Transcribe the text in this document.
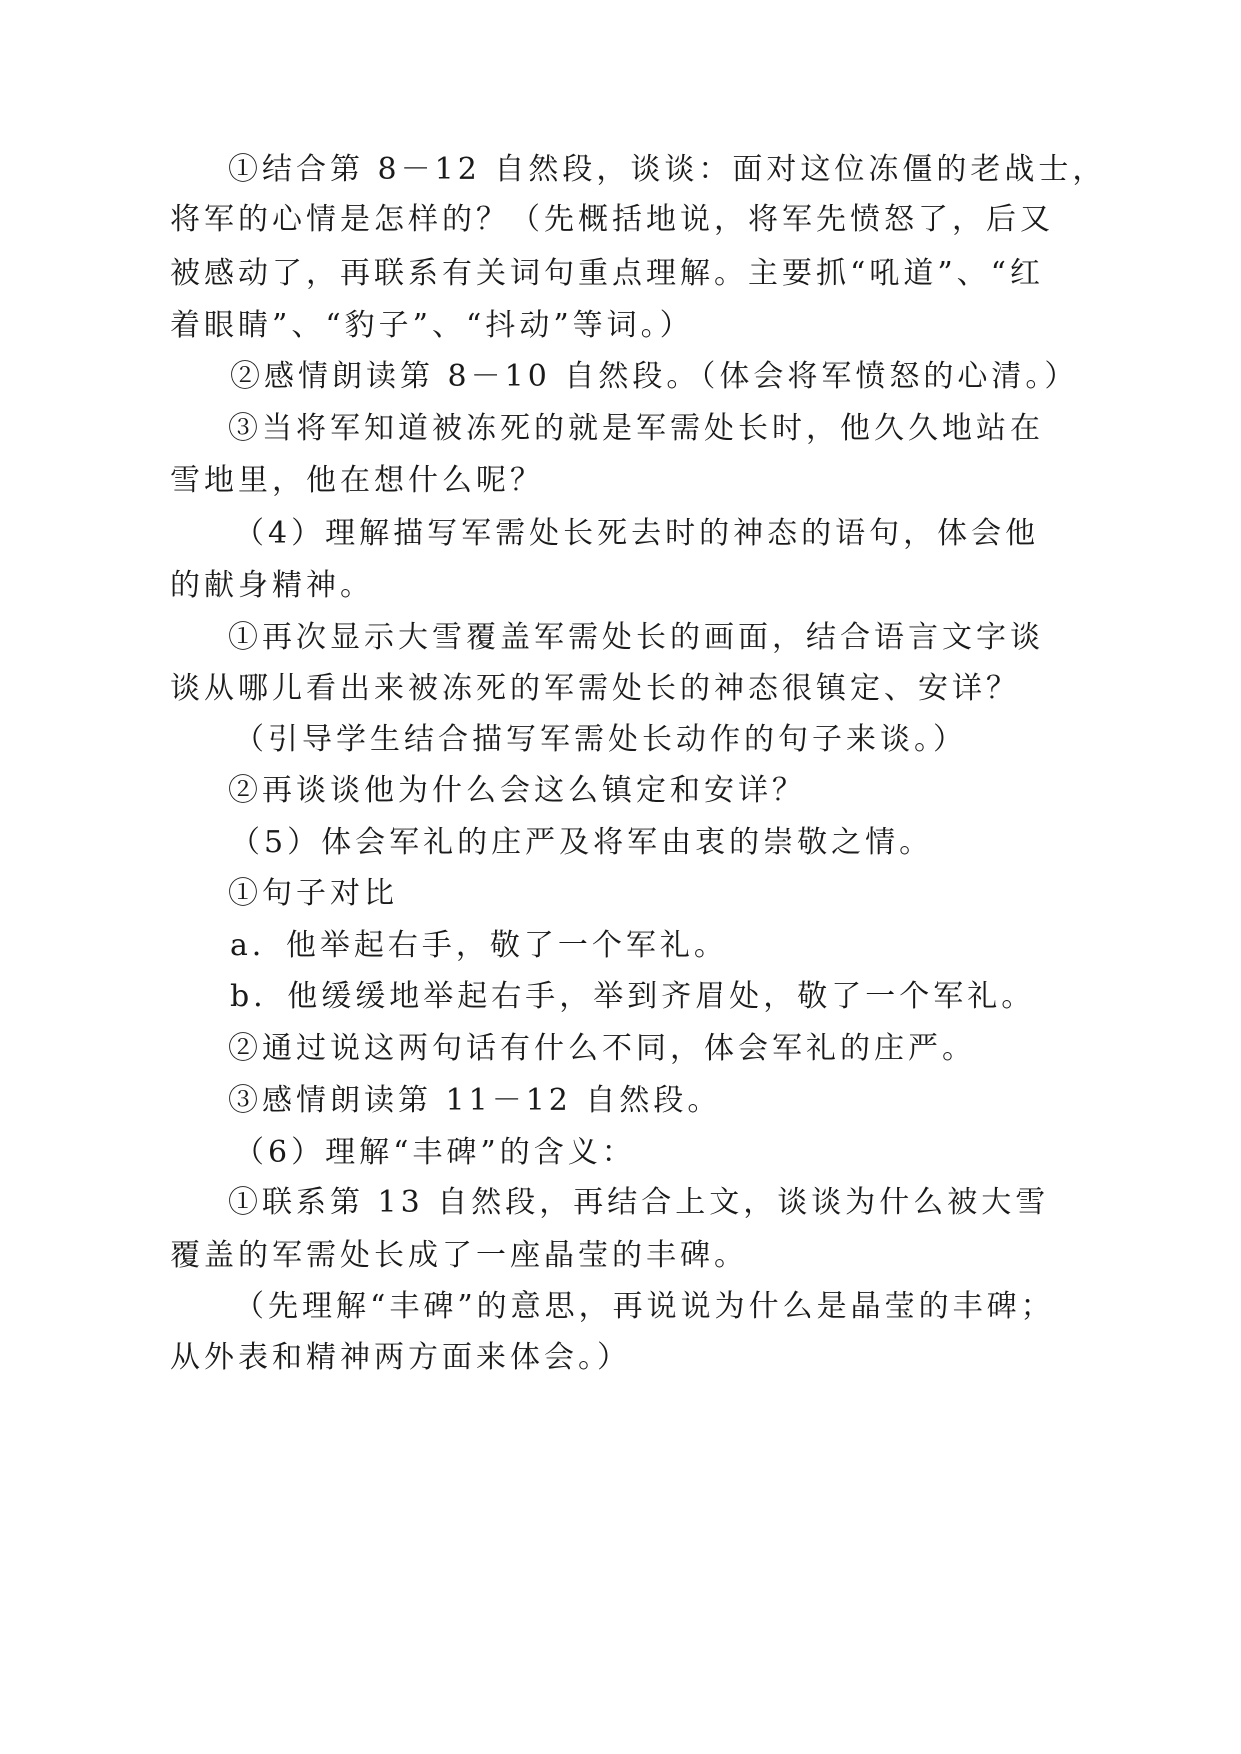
①结合第 8－12 自然段，谈谈：面对这位冻僵的老战士，

将军的心情是怎样的？（先概括地说，将军先愤怒了，后又

被感动了，再联系有关词句重点理解。主要抓“吼道”、“红

着眼睛”、“豹子”、“抖动”等词。）

②感情朗读第 8－10 自然段。（体会将军愤怒的心清。）

③当将军知道被冻死的就是军需处长时，他久久地站在

雪地里，他在想什么呢？

（4）理解描写军需处长死去时的神态的语句，体会他

的献身精神。

①再次显示大雪覆盖军需处长的画面，结合语言文字谈

谈从哪儿看出来被冻死的军需处长的神态很镇定、安详？

（引导学生结合描写军需处长动作的句子来谈。）

②再谈谈他为什么会这么镇定和安详？

（5）体会军礼的庄严及将军由衷的崇敬之情。

①句子对比

a．他举起右手，敬了一个军礼。

b．他缓缓地举起右手，举到齐眉处，敬了一个军礼。

②通过说这两句话有什么不同，体会军礼的庄严。

③感情朗读第 11－12 自然段。

（6）理解“丰碑”的含义：

①联系第 13 自然段，再结合上文，谈谈为什么被大雪

覆盖的军需处长成了一座晶莹的丰碑。

（先理解“丰碑”的意思，再说说为什么是晶莹的丰碑；

从外表和精神两方面来体会。）
